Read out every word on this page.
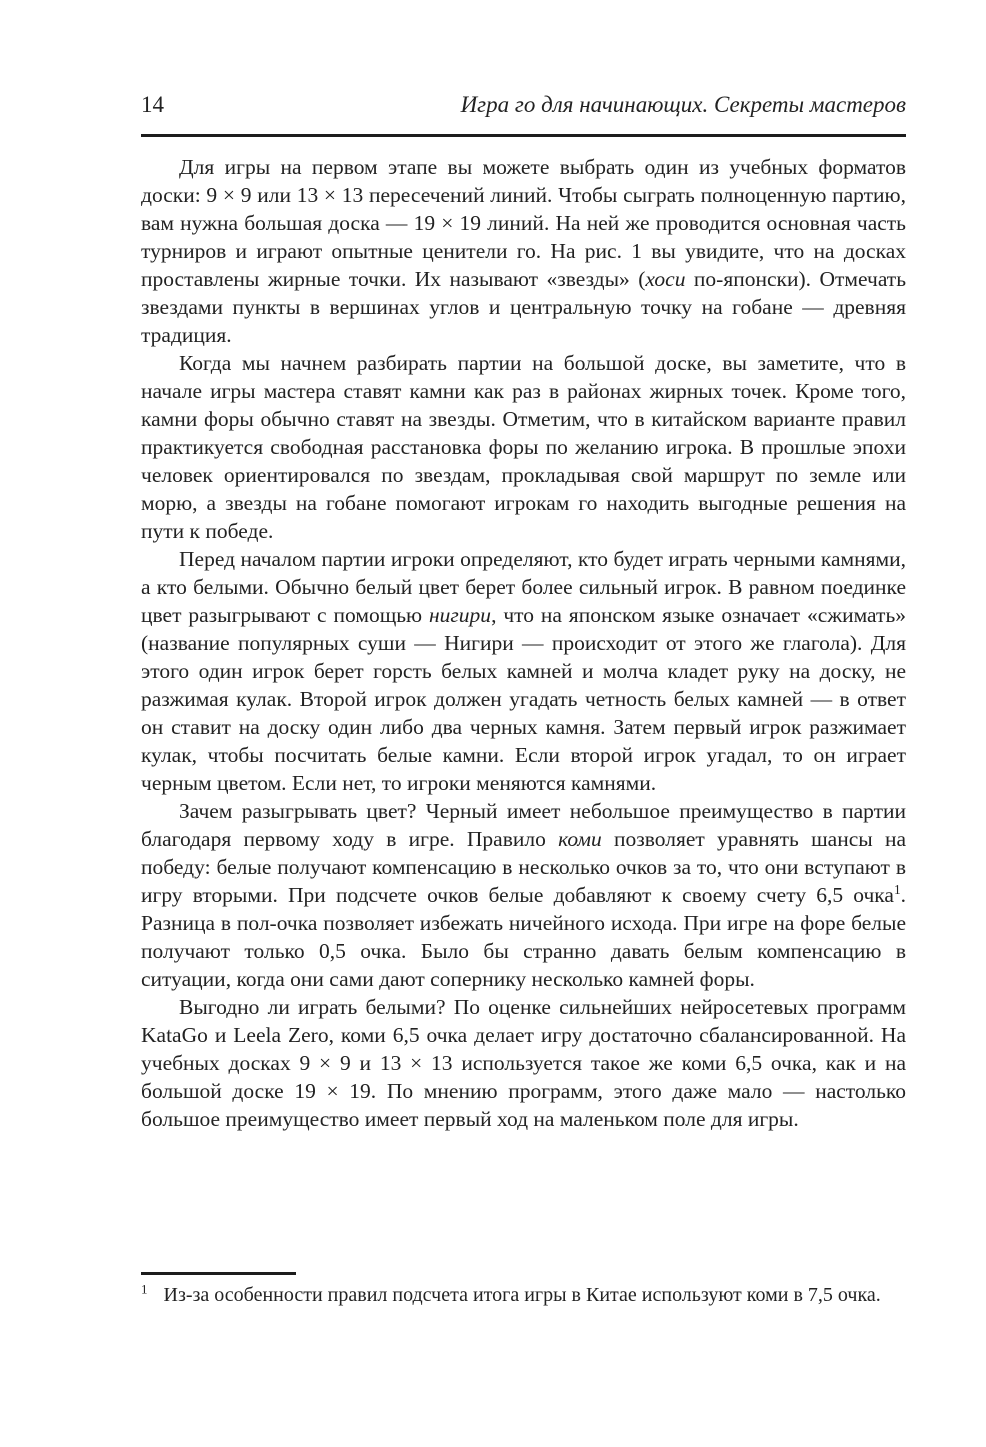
14	Игра го для начинающих. Секреты мастеров

Для игры на первом этапе вы можете выбрать один из учебных форматов доски: 9 × 9 или 13 × 13 пересечений линий. Чтобы сыграть полноценную партию, вам нужна большая доска — 19 × 19 линий. На ней же проводится основная часть турниров и играют опытные ценители го. На рис. 1 вы увидите, что на досках проставлены жирные точки. Их называют «звезды» (хоси по-японски). Отмечать звездами пункты в вершинах углов и центральную точку на гобане — древняя традиция.

Когда мы начнем разбирать партии на большой доске, вы заметите, что в начале игры мастера ставят камни как раз в районах жирных точек. Кроме того, камни форы обычно ставят на звезды. Отметим, что в китайском варианте правил практикуется свободная расстановка форы по желанию игрока. В прошлые эпохи человек ориентировался по звездам, прокладывая свой маршрут по земле или морю, а звезды на гобане помогают игрокам го находить выгодные решения на пути к победе.

Перед началом партии игроки определяют, кто будет играть черными камнями, а кто белыми. Обычно белый цвет берет более сильный игрок. В равном поединке цвет разыгрывают с помощью нигири, что на японском языке означает «сжимать» (название популярных суши — Нигири — происходит от этого же глагола). Для этого один игрок берет горсть белых камней и молча кладет руку на доску, не разжимая кулак. Второй игрок должен угадать четность белых камней — в ответ он ставит на доску один либо два черных камня. Затем первый игрок разжимает кулак, чтобы посчитать белые камни. Если второй игрок угадал, то он играет черным цветом. Если нет, то игроки меняются камнями.

Зачем разыгрывать цвет? Черный имеет небольшое преимущество в партии благодаря первому ходу в игре. Правило коми позволяет уравнять шансы на победу: белые получают компенсацию в несколько очков за то, что они вступают в игру вторыми. При подсчете очков белые добавляют к своему счету 6,5 очка$^1$. Разница в пол-очка позволяет избежать ничейного исхода. При игре на форе белые получают только 0,5 очка. Было бы странно давать белым компенсацию в ситуации, когда они сами дают сопернику несколько камней форы.

Выгодно ли играть белыми? По оценке сильнейших нейросетевых программ KataGo и Leela Zero, коми 6,5 очка делает игру достаточно сбалансированной. На учебных досках 9 × 9 и 13 × 13 используется такое же коми 6,5 очка, как и на большой доске 19 × 19. По мнению программ, этого даже мало — настолько большое преимущество имеет первый ход на маленьком поле для игры.

$^1$ Из-за особенности правил подсчета итога игры в Китае используют коми в 7,5 очка.
